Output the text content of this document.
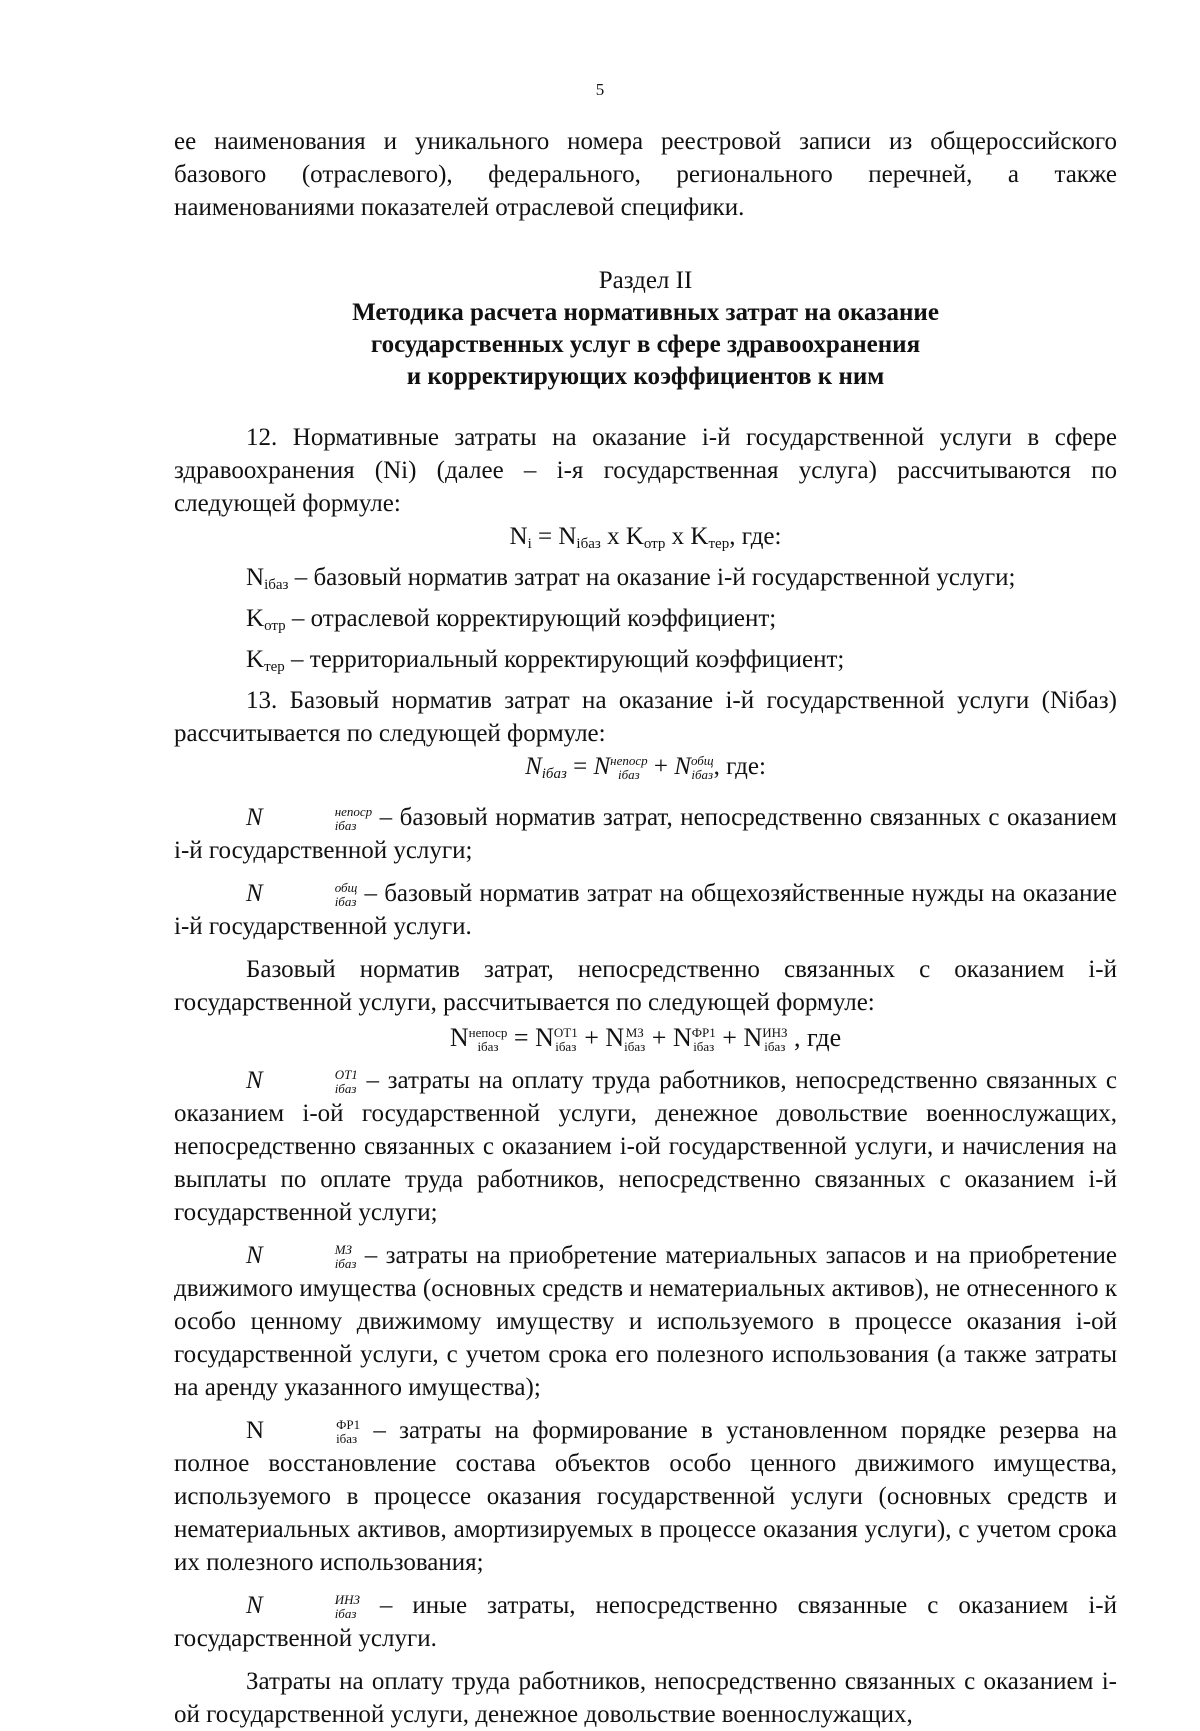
5

ее наименования и уникального номера реестровой записи из общероссийского базового (отраслевого), федерального, регионального перечней, а также наименованиями показателей отраслевой специфики.

Раздел II
Методика расчета нормативных затрат на оказание
государственных услуг в сфере здравоохранения
и корректирующих коэффициентов к ним

12. Нормативные затраты на оказание i-й государственной услуги в сфере здравоохранения (Ni) (далее – i-я государственная услуга) рассчитываются по следующей формуле:

$N_i = N_{iбаз}$ х $K_{отр}$ х $K_{тер}$, где:

$N_{iбаз}$ – базовый норматив затрат на оказание i-й государственной услуги;

$K_{отр}$ – отраслевой корректирующий коэффициент;

$K_{тер}$ – территориальный корректирующий коэффициент;

13. Базовый норматив затрат на оказание i-й государственной услуги (Niбаз) рассчитывается по следующей формуле:

$N_{iбаз} = N$ непоср
iбаз + N общ
iбаз , где:

N	непоср
iбаз – базовый норматив затрат, непосредственно связанных с оказанием i-й государственной услуги;

N	общ
iбаз – базовый норматив затрат на общехозяйственные нужды на оказание i-й государственной услуги.

Базовый норматив затрат, непосредственно связанных с оказанием i-й государственной услуги, рассчитывается по следующей формуле:

N непоср
iбаз = N ОТ1
iбаз + N МЗ
iбаз + N ФР1
iбаз + N ИНЗ
iбаз , где

N	ОТ1
iбаз – затраты на оплату труда работников, непосредственно связанных с оказанием i-ой государственной услуги, денежное довольствие военнослужащих, непосредственно связанных с оказанием i-ой государственной услуги, и начисления на выплаты по оплате труда работников, непосредственно связанных с оказанием i-й государственной услуги;

N	МЗ
iбаз – затраты на приобретение материальных запасов и на приобретение движимого имущества (основных средств и нематериальных активов), не отнесенного к особо ценному движимому имуществу и используемого в процессе оказания i-ой государственной услуги, с учетом срока его полезного использования (а также затраты на аренду указанного имущества);

N	ФР1
iбаз – затраты на формирование в установленном порядке резерва на полное восстановление состава объектов особо ценного движимого имущества, используемого в процессе оказания государственной услуги (основных средств и нематериальных активов, амортизируемых в процессе оказания услуги), с учетом срока их полезного использования;

N	ИНЗ
iбаз – иные затраты, непосредственно связанные с оказанием i-й государственной услуги.

Затраты на оплату труда работников, непосредственно связанных с оказанием i-ой государственной услуги, денежное довольствие военнослужащих,
